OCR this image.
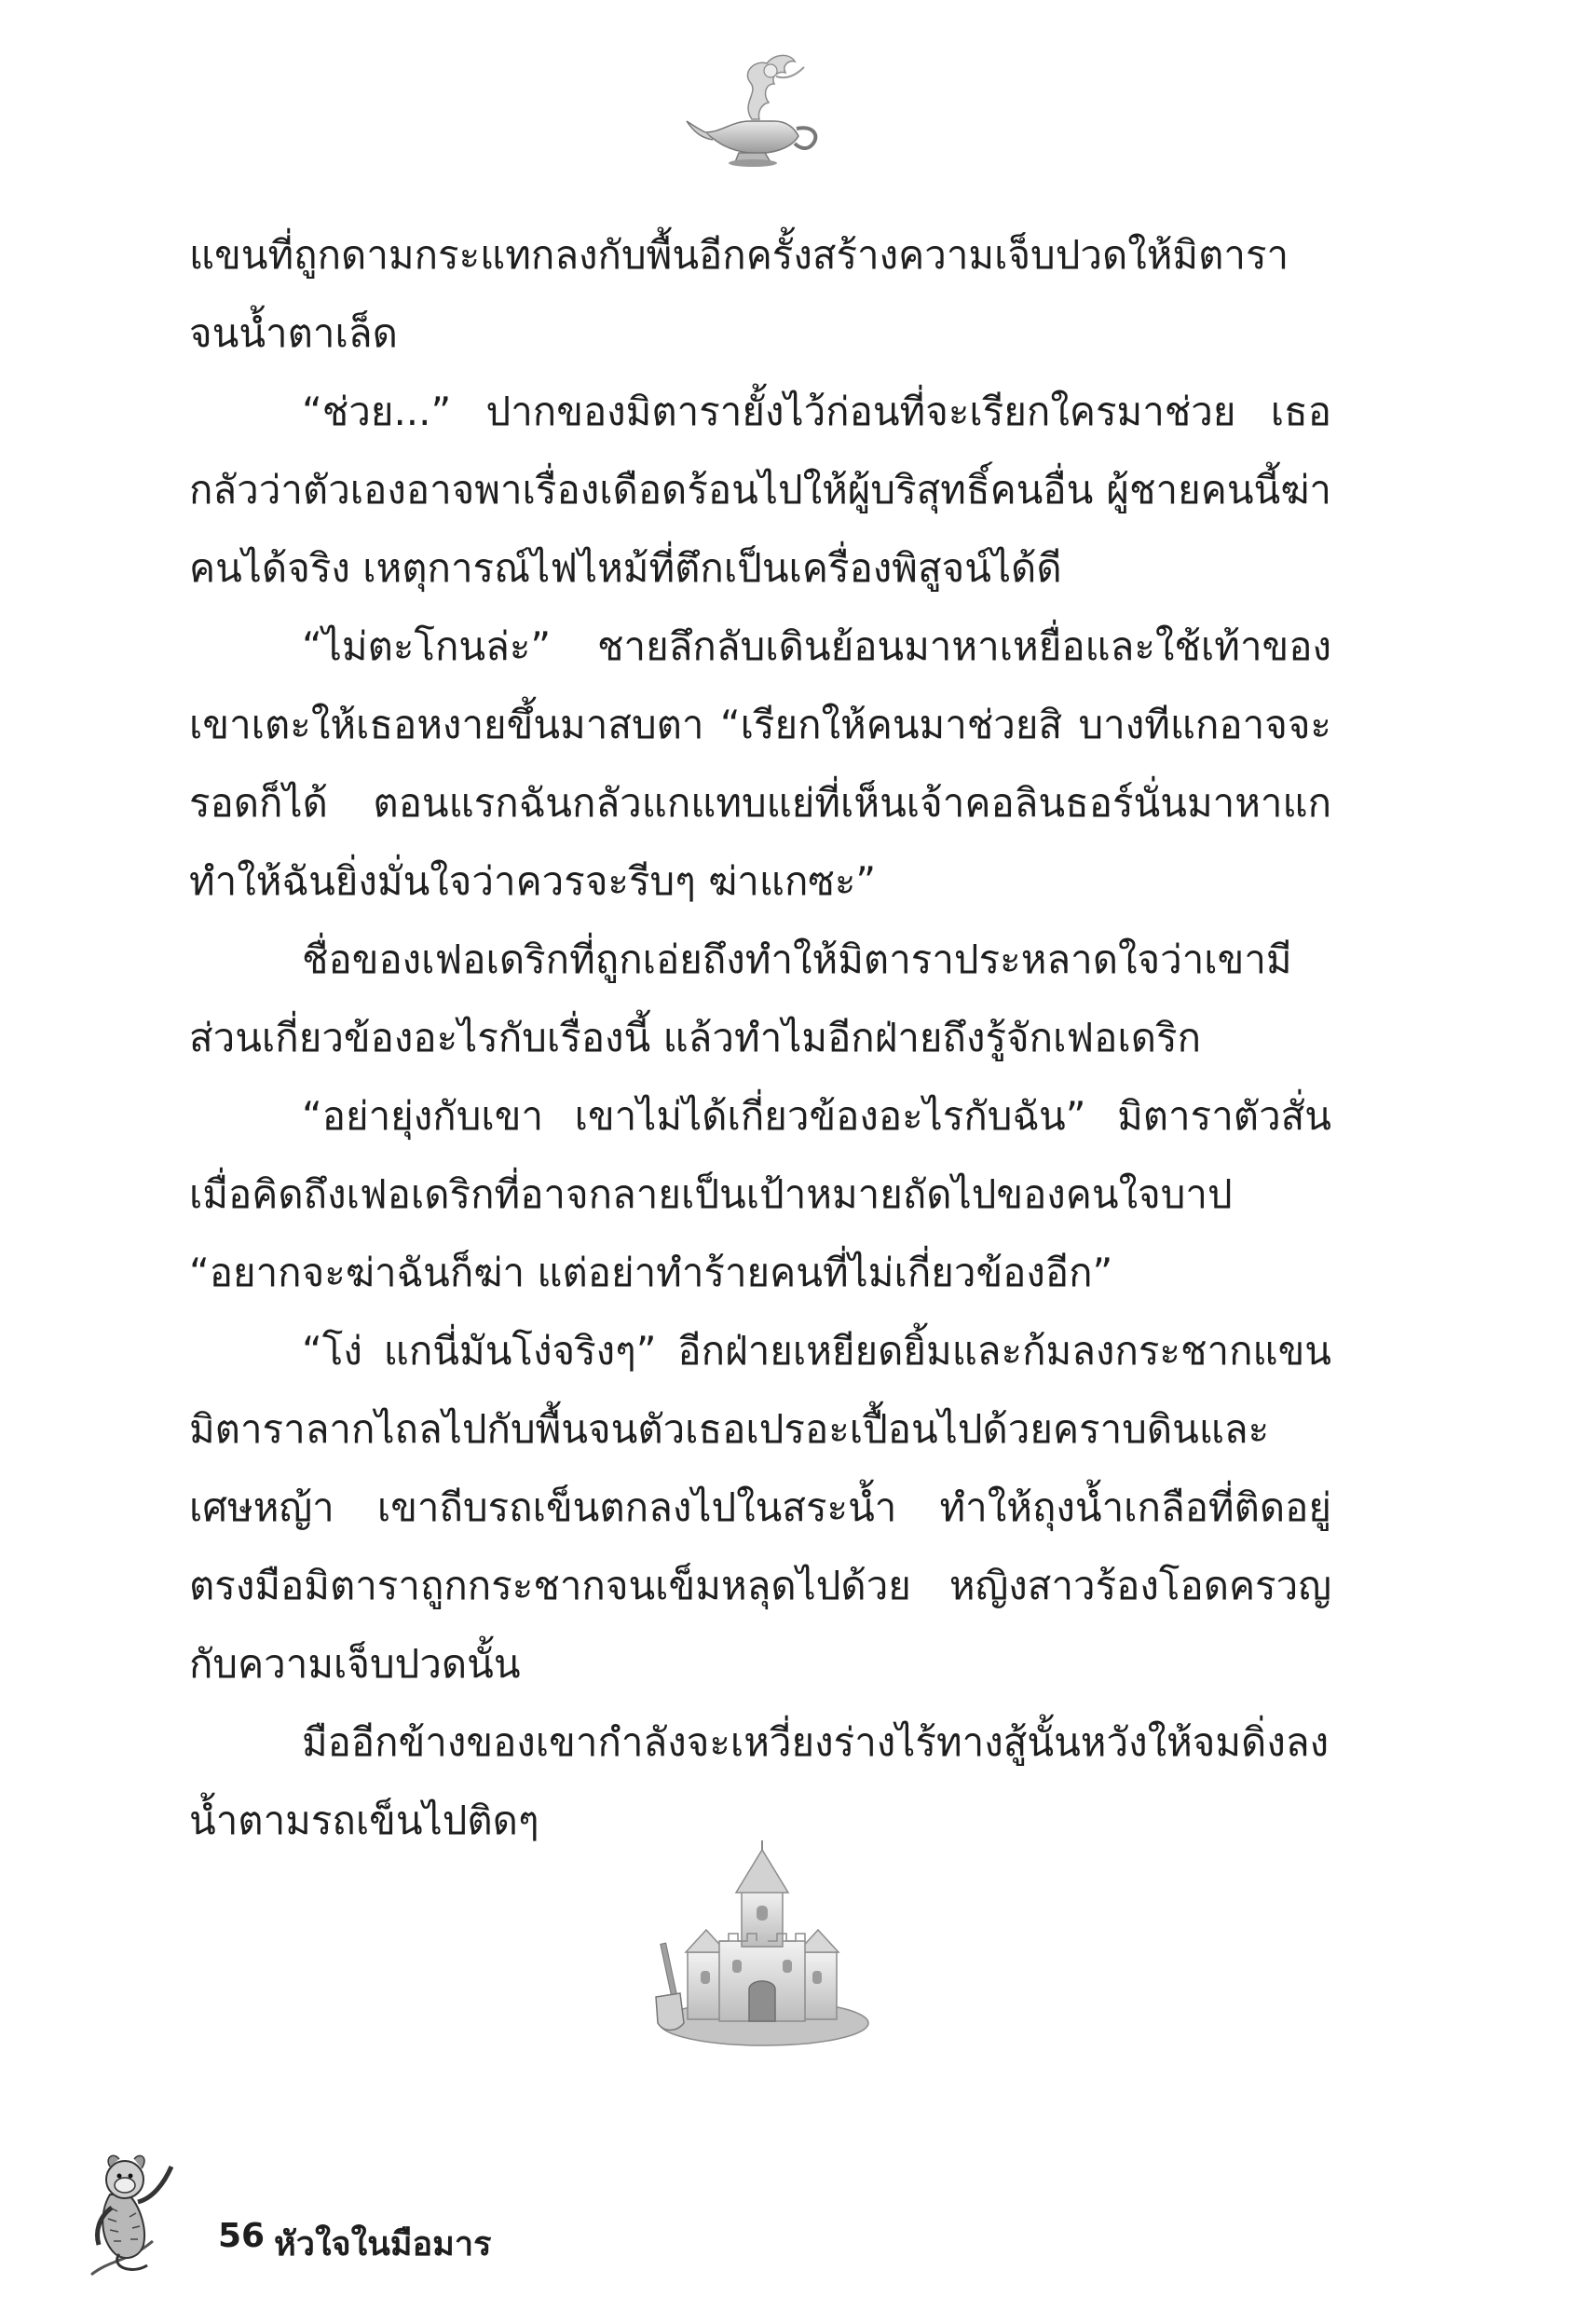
แขนที่ถูกดามกระแทกลงกับพื้นอีกครั้งสร้างความเจ็บปวดให้มิตาราจนน้ำตาเล็ด

“ช่วย...” ปากของมิตารายั้งไว้ก่อนที่จะเรียกใครมาช่วย เธอกลัวว่าตัวเองอาจพาเรื่องเดือดร้อนไปให้ผู้บริสุทธิ์คนอื่น ผู้ชายคนนี้ฆ่าคนได้จริง เหตุการณ์ไฟไหม้ที่ตึกเป็นเครื่องพิสูจน์ได้ดี

“ไม่ตะโกนล่ะ” ชายลึกลับเดินย้อนมาหาเหยื่อและใช้เท้าของเขาเตะให้เธอหงายขึ้นมาสบตา “เรียกให้คนมาช่วยสิ บางทีแกอาจจะรอดก็ได้ ตอนแรกฉันกลัวแกแทบแย่ที่เห็นเจ้าคอลินธอร์นั่นมาหาแก ทำให้ฉันยิ่งมั่นใจว่าควรจะรีบๆ ฆ่าแกซะ”

ชื่อของเฟอเดริกที่ถูกเอ่ยถึงทำให้มิตาราประหลาดใจว่าเขามีส่วนเกี่ยวข้องอะไรกับเรื่องนี้ แล้วทำไมอีกฝ่ายถึงรู้จักเฟอเดริก

“อย่ายุ่งกับเขา เขาไม่ได้เกี่ยวข้องอะไรกับฉัน” มิตาราตัวสั่นเมื่อคิดถึงเฟอเดริกที่อาจกลายเป็นเป้าหมายถัดไปของคนใจบาป “อยากจะฆ่าฉันก็ฆ่า แต่อย่าทำร้ายคนที่ไม่เกี่ยวข้องอีก”

“โง่ แกนี่มันโง่จริงๆ” อีกฝ่ายเหยียดยิ้มและก้มลงกระชากแขนมิตาราลากไถลไปกับพื้นจนตัวเธอเปรอะเปื้อนไปด้วยคราบดินและเศษหญ้า เขาถีบรถเข็นตกลงไปในสระน้ำ ทำให้ถุงน้ำเกลือที่ติดอยู่ตรงมือมิตาราถูกกระชากจนเข็มหลุดไปด้วย หญิงสาวร้องโอดครวญกับความเจ็บปวดนั้น

มืออีกข้างของเขากำลังจะเหวี่ยงร่างไร้ทางสู้นั้นหวังให้จมดิ่งลงน้ำตามรถเข็นไปติดๆ

56 หัวใจในมือมาร
